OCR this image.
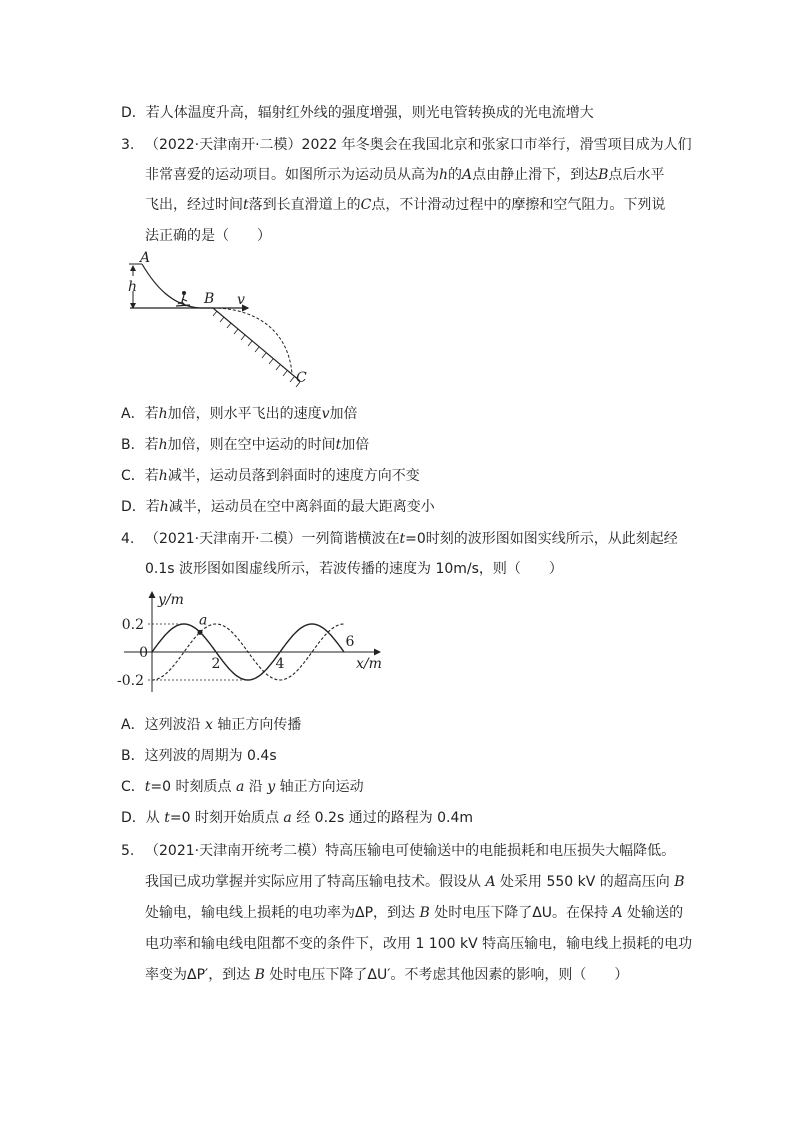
D．若人体温度升高，辐射红外线的强度增强，则光电管转换成的光电流增大
3. （2022·天津南开·二模）2022 年冬奥会在我国北京和张家口市举行，滑雪项目成为人们
非常喜爱的运动项目。如图所示为运动员从高为h的A点由静止滑下，到达B点后水平
飞出，经过时间t落到长直滑道上的C点，不计滑动过程中的摩擦和空气阻力。下列说
法正确的是（　　）
h
A
B v
C
A．若h加倍，则水平飞出的速度v加倍
B．若h加倍，则在空中运动的时间t加倍
C．若h减半，运动员落到斜面时的速度方向不变
D．若h减半，运动员在空中离斜面的最大距离变小
4. （2021·天津南开·二模）一列简谐横波在t=0时刻的波形图如图实线所示，从此刻起经
0.1s 波形图如图虚线所示，若波传播的速度为 10m/s，则（　　）
a
y/m
x/m
0.2
-0.2
0
2	4
6
A．这列波沿 x 轴正方向传播
B．这列波的周期为 0.4s
C．t=0 时刻质点 a 沿 y 轴正方向运动
D．从 t=0 时刻开始质点 a 经 0.2s 通过的路程为 0.4m
5. （2021·天津南开统考二模）特高压输电可使输送中的电能损耗和电压损失大幅降低。
我国已成功掌握并实际应用了特高压输电技术。假设从 A 处采用 550 kV 的超高压向 B
处输电，输电线上损耗的电功率为ΔP，到达 B 处时电压下降了ΔU。在保持 A 处输送的
电功率和输电线电阻都不变的条件下，改用 1 100 kV 特高压输电，输电线上损耗的电功
率变为ΔP′，到达 B 处时电压下降了ΔU′。不考虑其他因素的影响，则（　　）
